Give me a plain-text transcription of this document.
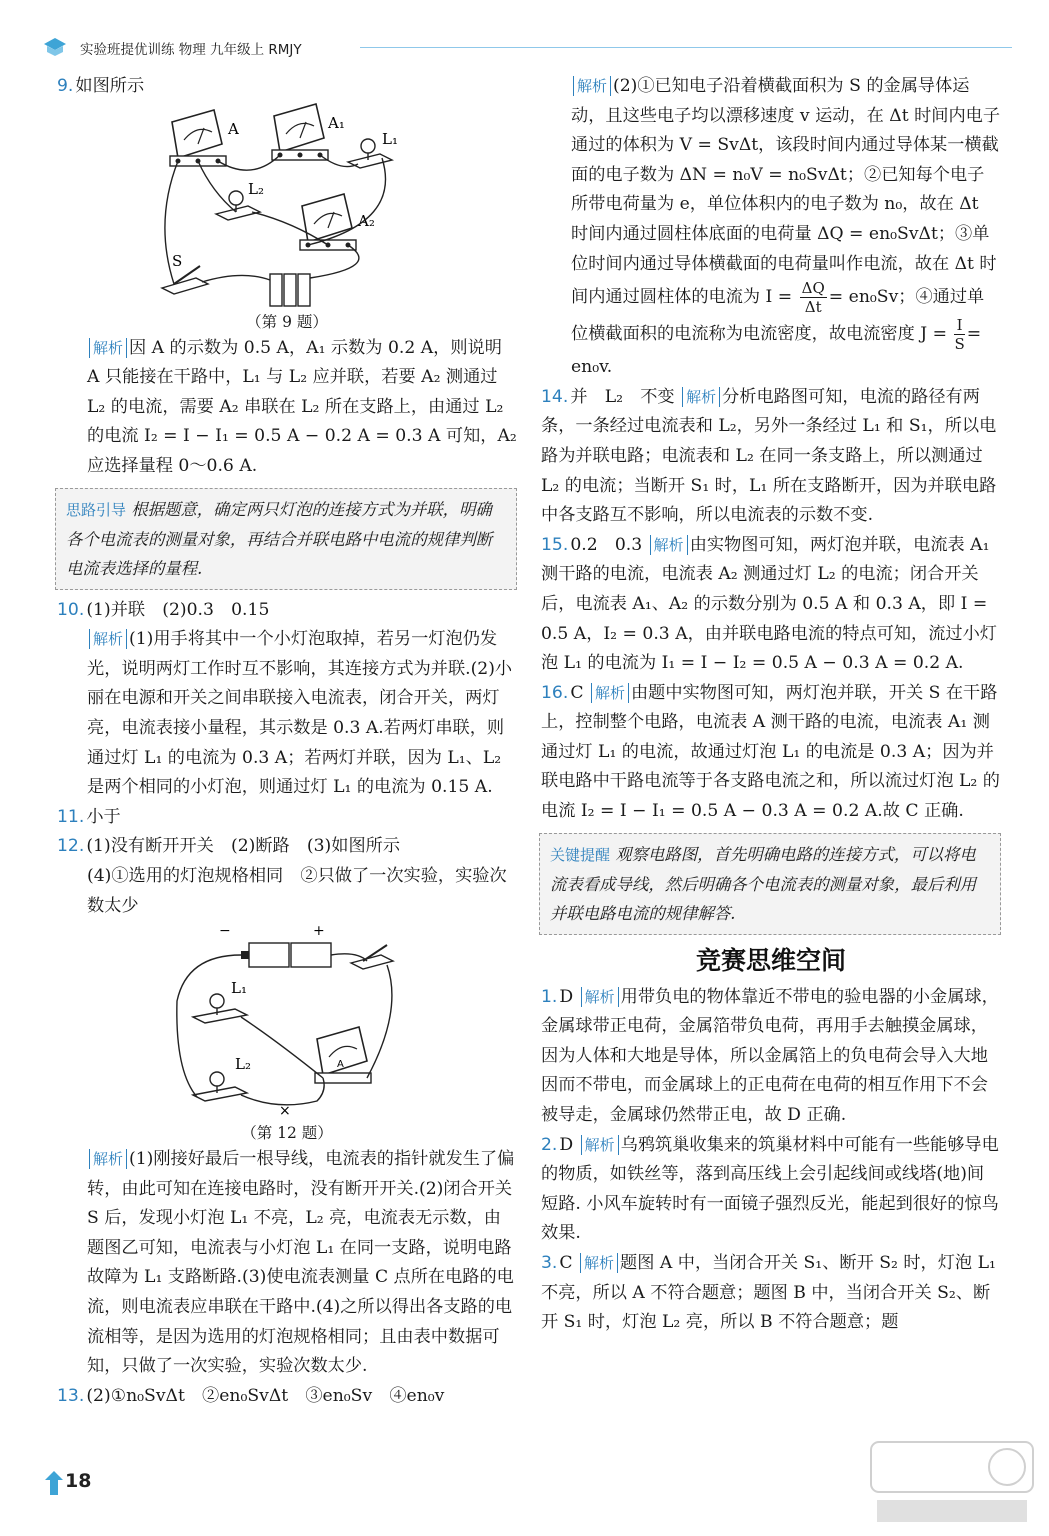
实验班提优训练 物理 九年级上 RMJY

9. 如图所示

A	A₁
L₁
L₂
A₂
S

（第 9 题）

解析 因 A 的示数为 0.5 A，A₁ 示数为 0.2 A，则说明 A 只能接在干路中，L₁ 与 L₂ 应并联，若要 A₂ 测通过 L₂ 的电流，需要 A₂ 串联在 L₂ 所在支路上，由通过 L₂ 的电流 I₂ = I − I₁ = 0.5 A − 0.2 A = 0.3 A 可知，A₂ 应选择量程 0～0.6 A.

思路引导 根据题意，确定两只灯泡的连接方式为并联，明确各个电流表的测量对象，再结合并联电路中电流的规律判断电流表选择的量程.

10. (1)并联　(2)0.3　0.15

解析 (1)用手将其中一个小灯泡取掉，若另一灯泡仍发光，说明两灯工作时互不影响，其连接方式为并联.(2)小丽在电源和开关之间串联接入电流表，闭合开关，两灯亮，电流表接小量程，其示数是 0.3 A.若两灯串联，则通过灯 L₁ 的电流为 0.3 A；若两灯并联，因为 L₁、L₂ 是两个相同的小灯泡，则通过灯 L₁ 的电流为 0.15 A.

11. 小于

12. (1)没有断开开关　(2)断路　(3)如图所示

(4)①选用的灯泡规格相同　②只做了一次实验，实验次数太少

−	+
L₁
A
L₂
×

（第 12 题）

解析 (1)刚接好最后一根导线，电流表的指针就发生了偏转，由此可知在连接电路时，没有断开开关.(2)闭合开关 S 后，发现小灯泡 L₁ 不亮，L₂ 亮，电流表无示数，由题图乙可知，电流表与小灯泡 L₁ 在同一支路，说明电路故障为 L₁ 支路断路.(3)使电流表测量 C 点所在电路的电流，则电流表应串联在干路中.(4)之所以得出各支路的电流相等，是因为选用的灯泡规格相同；且由表中数据可知，只做了一次实验，实验次数太少.

13. (2)①n₀SvΔt　②en₀SvΔt　③en₀Sv　④en₀v

解析 (2)①已知电子沿着横截面积为 S 的金属导体运动，且这些电子均以漂移速度 v 运动，在 Δt 时间内电子通过的体积为 V = SvΔt，该段时间内通过导体某一横截面的电子数为 ΔN = n₀V = n₀SvΔt；②已知每个电子所带电荷量为 e，单位体积内的电子数为 n₀，故在 Δt 时间内通过圆柱体底面的电荷量 ΔQ = en₀SvΔt；③单位时间内通过导体横截面的电荷量叫作电流，故在 Δt 时间内通过圆柱体的电流为 $I = \frac{\Delta Q}{\Delta t} = en_0Sv$；④通过单位横截面积的电流称为电流密度，故电流密度 $J = \frac{I}{S} = en_0v$.

14. 并　L₂　不变 解析 分析电路图可知，电流的路径有两条，一条经过电流表和 L₂，另外一条经过 L₁ 和 S₁，所以电路为并联电路；电流表和 L₂ 在同一条支路上，所以测通过 L₂ 的电流；当断开 S₁ 时，L₁ 所在支路断开，因为并联电路中各支路互不影响，所以电流表的示数不变.

15. 0.2　0.3 解析 由实物图可知，两灯泡并联，电流表 A₁ 测干路的电流，电流表 A₂ 测通过灯 L₂ 的电流；闭合开关后，电流表 A₁、A₂ 的示数分别为 0.5 A 和 0.3 A，即 I = 0.5 A，I₂ = 0.3 A，由并联电路电流的特点可知，流过小灯泡 L₁ 的电流为 I₁ = I − I₂ = 0.5 A − 0.3 A = 0.2 A.

16. C 解析 由题中实物图可知，两灯泡并联，开关 S 在干路上，控制整个电路，电流表 A 测干路的电流，电流表 A₁ 测通过灯 L₁ 的电流，故通过灯泡 L₁ 的电流是 0.3 A；因为并联电路中干路电流等于各支路电流之和，所以流过灯泡 L₂ 的电流 I₂ = I − I₁ = 0.5 A − 0.3 A = 0.2 A.故 C 正确.

关键提醒 观察电路图，首先明确电路的连接方式，可以将电流表看成导线，然后明确各个电流表的测量对象，最后利用并联电路电流的规律解答.
竞赛思维空间

1. D 解析 用带负电的物体靠近不带电的验电器的小金属球，金属球带正电荷，金属箔带负电荷，再用手去触摸金属球，因为人体和大地是导体，所以金属箔上的负电荷会导入大地因而不带电，而金属球上的正电荷在电荷的相互作用下不会被导走，金属球仍然带正电，故 D 正确.

2. D 解析 乌鸦筑巢收集来的筑巢材料中可能有一些能够导电的物质，如铁丝等，落到高压线上会引起线间或线塔(地)间短路. 小风车旋转时有一面镜子强烈反光，能起到很好的惊鸟效果.

3. C 解析 题图 A 中，当闭合开关 S₁、断开 S₂ 时，灯泡 L₁ 不亮，所以 A 不符合题意；题图 B 中，当闭合开关 S₂、断开 S₁ 时，灯泡 L₂ 亮，所以 B 不符合题意；题

18
